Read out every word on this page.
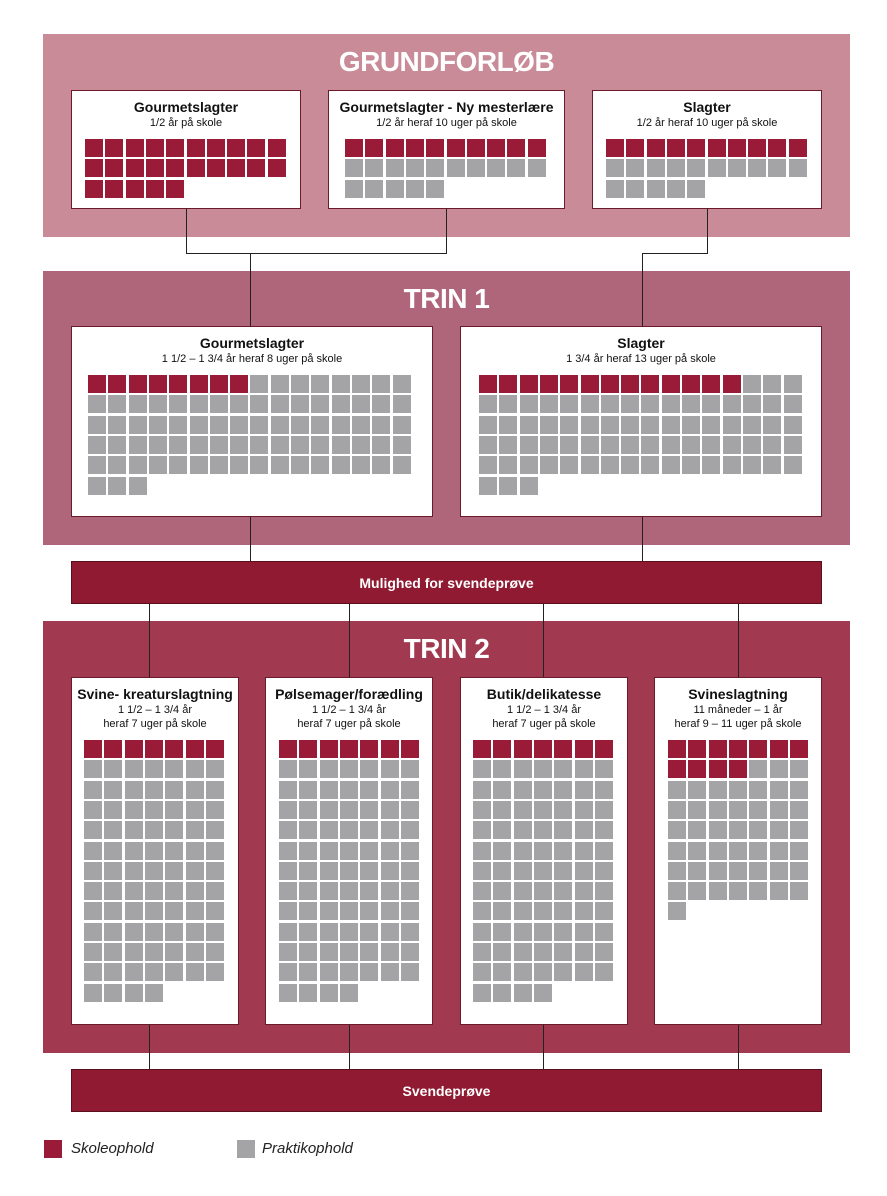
GRUNDFORLØB
TRIN 1
TRIN 2
Gourmetslagter
1/2 år på skole
Gourmetslagter - Ny mesterlære
1/2 år heraf 10 uger på skole
Slagter
1/2 år heraf 10 uger på skole
Gourmetslagter
1 1/2 – 1 3/4 år heraf 8 uger på skole
Slagter
1 3/4 år heraf 13 uger på skole
Mulighed for svendeprøve
Svine- kreaturslagtning
1 1/2 – 1 3/4 år
heraf 7 uger på skole
Pølsemager/forædling
1 1/2 – 1 3/4 år
heraf 7 uger på skole
Butik/delikatesse
1 1/2 – 1 3/4 år
heraf 7 uger på skole
Svineslagtning
11 måneder – 1 år
heraf 9 – 11 uger på skole
Svendeprøve
Skoleophold	Praktikophold
